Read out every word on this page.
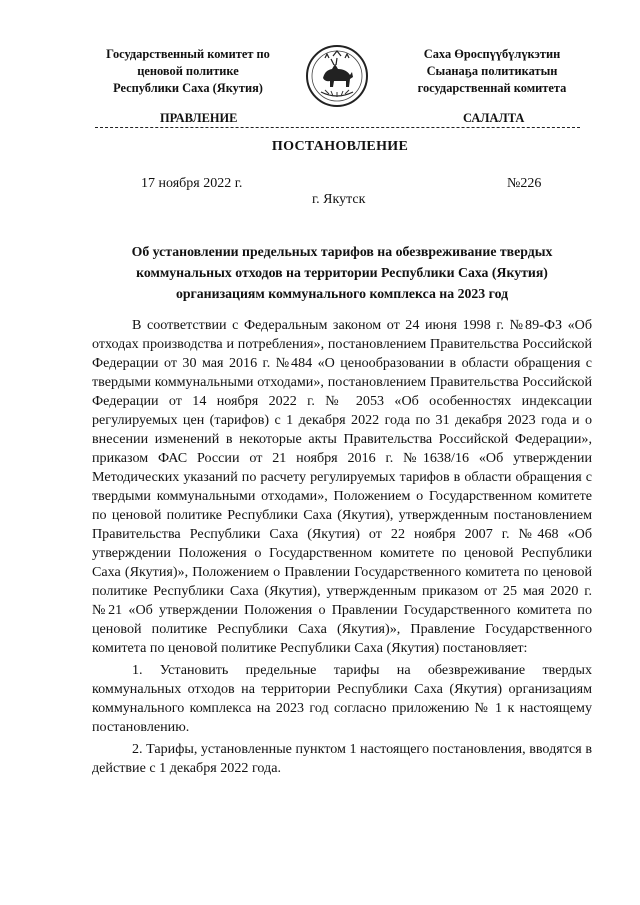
Государственный комитет по
ценовой политике
Республики Саха (Якутия)
Саха Өроспүүбүлүкэтин
Сыанаҕа политикатын
государственнай комитета
ПРАВЛЕНИЕ	САЛАЛТА
ПОСТАНОВЛЕНИЕ
17 ноября 2022 г.	№226
г. Якутск
Об установлении предельных тарифов на обезвреживание твердых
коммунальных отходов на территории Республики Саха (Якутия)
организациям коммунального комплекса на 2023 год

В соответствии с Федеральным законом от 24 июня 1998 г. №89-ФЗ «Об отходах производства и потребления», постановлением Правительства Российской Федерации от 30 мая 2016 г. №484 «О ценообразовании в области обращения с твердыми коммунальными отходами», постановлением Правительства Российской Федерации от 14 ноября 2022 г. № 2053 «Об особенностях индексации регулируемых цен (тарифов) с 1 декабря 2022 года по 31 декабря 2023 года и о внесении изменений в некоторые акты Правительства Российской Федерации», приказом ФАС России от 21 ноября 2016 г. №1638/16 «Об утверждении Методических указаний по расчету регулируемых тарифов в области обращения с твердыми коммунальными отходами», Положением о Государственном комитете по ценовой политике Республики Саха (Якутия), утвержденным постановлением Правительства Республики Саха (Якутия) от 22 ноября 2007 г. №468 «Об утверждении Положения о Государственном комитете по ценовой Республики Саха (Якутия)», Положением о Правлении Государственного комитета по ценовой политике Республики Саха (Якутия), утвержденным приказом от 25 мая 2020 г.№21 «Об утверждении Положения о Правлении Государственного комитета по ценовой политике Республики Саха (Якутия)», Правление Государственного комитета по ценовой политике Республики Саха (Якутия) постановляет:

1. Установить предельные тарифы на обезвреживание твердых коммунальных отходов на территории Республики Саха (Якутия) организациям коммунального комплекса на 2023 год согласно приложению № 1 к настоящему постановлению.

2. Тарифы, установленные пунктом 1 настоящего постановления, вводятся в действие с 1 декабря 2022 года.
